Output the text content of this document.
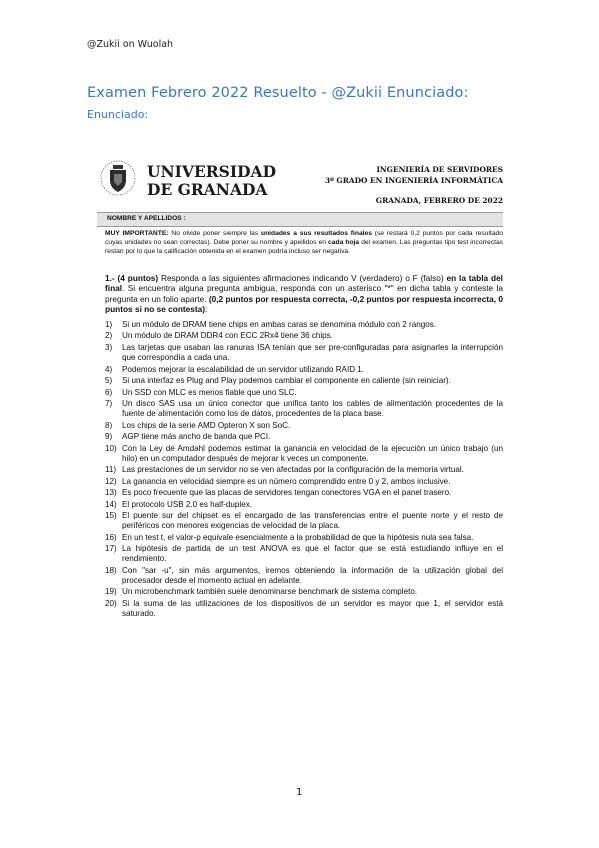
@Zukii on Wuolah
Examen Febrero 2022 Resuelto - @Zukii Enunciado:
Enunciado:
UNIVERSIDAD
DE GRANADA
INGENIERÍA DE SERVIDORES
3º GRADO EN INGENIERÍA INFORMÁTICA
GRANADA, FEBRERO DE 2022
NOMBRE Y APELLIDOS :
MUY IMPORTANTE: No olvide poner siempre las unidades a sus resultados finales (se restará 0,2 puntos por cada resultado cuyas unidades no sean correctas). Debe poner su nombre y apellidos en cada hoja del examen. Las preguntas tipo test incorrectas restan por lo que la calificación obtenida en el examen podría incluso ser negativa.
1.- (4 puntos) Responda a las siguientes afirmaciones indicando V (verdadero) o F (falso) en la tabla del final. Si encuentra alguna pregunta ambigua, responda con un asterisco "*" en dicha tabla y conteste la pregunta en un folio aparte. (0,2 puntos por respuesta correcta, -0,2 puntos por respuesta incorrecta, 0 puntos si no se contesta):
1) Si un módulo de DRAM tiene chips en ambas caras se denomina módulo con 2 rangos.
2) Un módulo de DRAM DDR4 con ECC 2Rx4 tiene 36 chips.
3) Las tarjetas que usaban las ranuras ISA tenían que ser pre-configuradas para asignarles la interrupción que correspondía a cada una.
4) Podemos mejorar la escalabilidad de un servidor utilizando RAID 1.
5) Si una interfaz es Plug and Play podemos cambiar el componente en caliente (sin reiniciar).
6) Un SSD con MLC es menos fiable que uno SLC.
7) Un disco SAS usa un único conector que unifica tanto los cables de alimentación procedentes de la fuente de alimentación como los de datos, procedentes de la placa base.
8) Los chips de la serie AMD Opteron X son SoC.
9) AGP tiene más ancho de banda que PCI.
10) Con la Ley de Amdahl podemos estimar la ganancia en velocidad de la ejecución un único trabajo (un hilo) en un computador después de mejorar k veces un componente.
11) Las prestaciones de un servidor no se ven afectadas por la configuración de la memoria virtual.
12) La ganancia en velocidad siempre es un número comprendido entre 0 y 2, ambos inclusive.
13) Es poco frecuente que las placas de servidores tengan conectores VGA en el panel trasero.
14) El protocolo USB 2.0 es half-duplex.
15) El puente sur del chipset es el encargado de las transferencias entre el puente norte y el resto de periféricos con menores exigencias de velocidad de la placa.
16) En un test t, el valor-p equivale esencialmente a la probabilidad de que la hipótesis nula sea falsa.
17) La hipótesis de partida de un test ANOVA es que el factor que se está estudiando influye en el rendimiento.
18) Con "sar -u", sin más argumentos, iremos obteniendo la información de la utilización global del procesador desde el momento actual en adelante.
19) Un microbenchmark también suele denominarse benchmark de sistema completo.
20) Si la suma de las utilizaciones de los dispositivos de un servidor es mayor que 1, el servidor está saturado.
1
